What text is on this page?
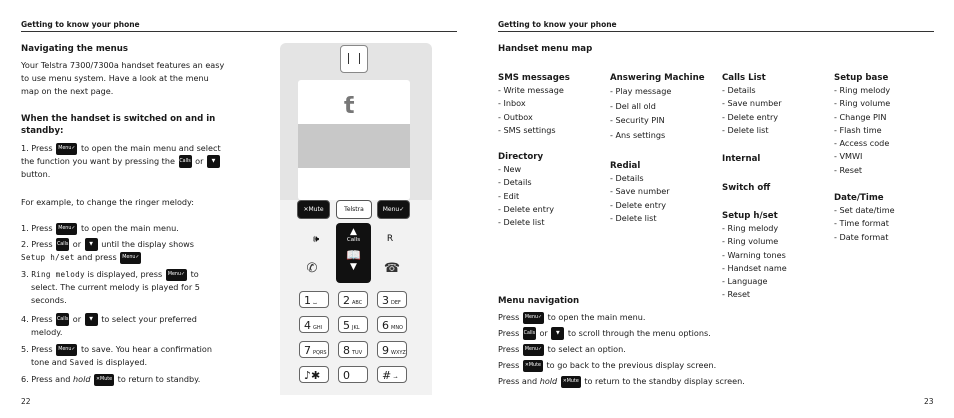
Getting to know your phone
Navigating the menus
Your Telstra 7300/7300a handset features an easy
to use menu system. Have a look at the menu
map on the next page.
When the handset is switched on and in
standby:
1. Press Menu✓ to open the main menu and select
the function you want by pressing the Calls or ▼
button.
For example, to change the ringer melody:
1. Press Menu✓ to open the main menu.
2. Press Calls or ▼ until the display shows
Setup h/set and press Menu✓
3. Ring melody is displayed, press Menu✓ to
select. The current melody is played for 5
seconds.
4. Press Calls or ▼ to select your preferred
melody.
5. Press Menu✓ to save. You hear a confirmation
tone and Saved is displayed.
6. Press and hold ✕Mute to return to standby.
22
ƭ
✕Mute	Telstra	Menu✓
🕪
▲
Calls
📖
▼
R
✆	☎
1 ⌴	2 ABC	3 DEF
4 GHI	5 JKL	6 MNO
7 PQRS	8 TUV	9 WXYZ
♪✱	0	# ⊸
Getting to know your phone
Handset menu map
SMS messages
- Write message
- Inbox
- Outbox
- SMS settings
Directory
- New
- Details
- Edit
- Delete entry
- Delete list
Answering Machine
- Play message
- Del all old
- Security PIN
- Ans settings
Redial
- Details
- Save number
- Delete entry
- Delete list
Calls List
- Details
- Save number
- Delete entry
- Delete list
Internal
Switch off
Setup h/set
- Ring melody
- Ring volume
- Warning tones
- Handset name
- Language
- Reset
Setup base
- Ring melody
- Ring volume
- Change PIN
- Flash time
- Access code
- VMWI
- Reset
Date/Time
- Set date/time
- Time format
- Date format
Menu navigation
Press Menu✓ to open the main menu.
Press Calls or ▼ to scroll through the menu options.
Press Menu✓ to select an option.
Press ✕Mute to go back to the previous display screen.
Press and hold ✕Mute to return to the standby display screen.
23
